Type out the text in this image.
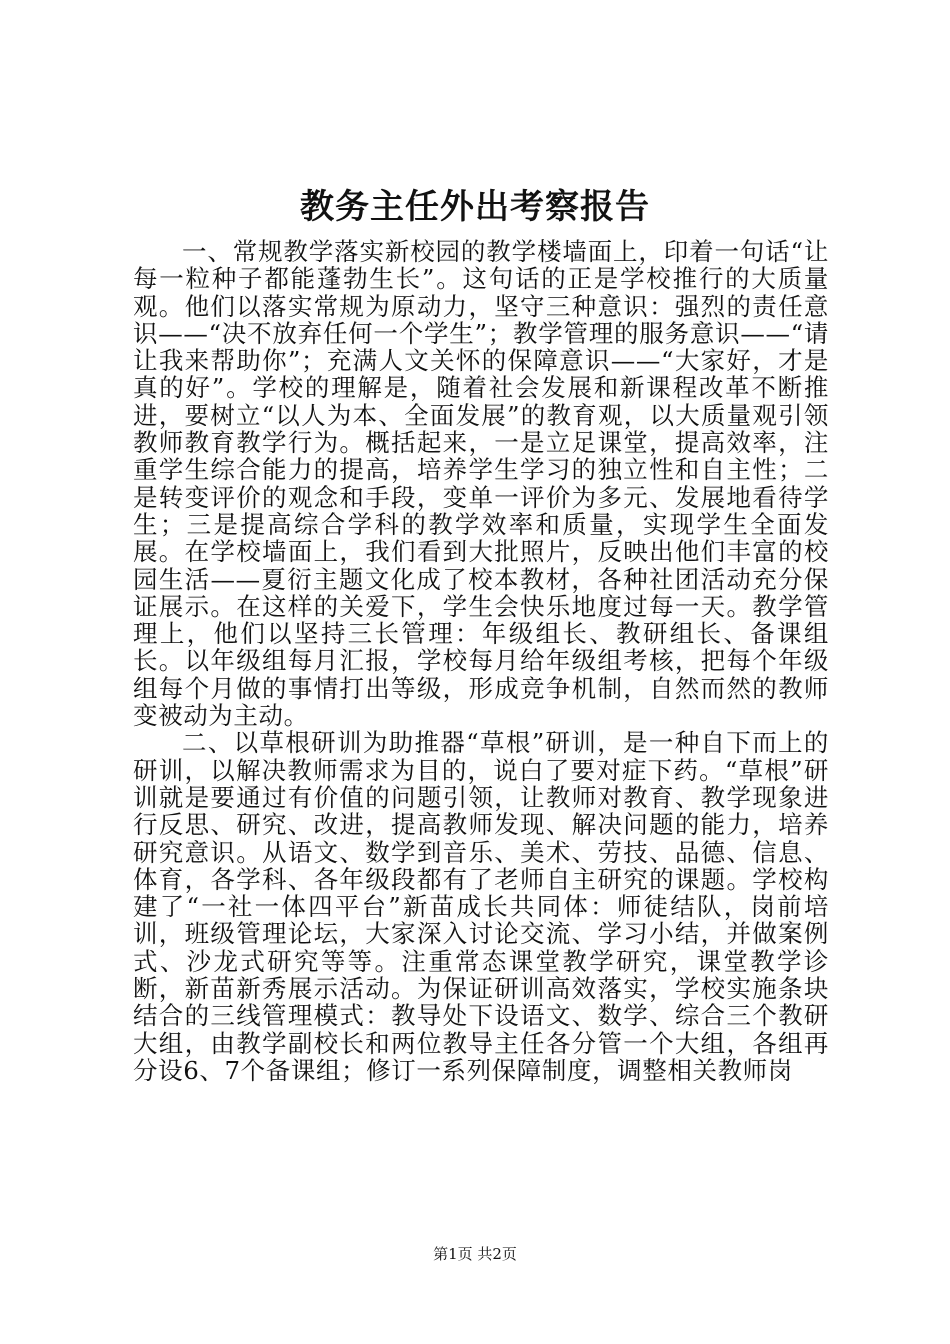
教务主任外出考察报告

一、常规教学落实新校园的教学楼墙面上，印着一句话“让每一粒种子都能蓬勃生长”。这句话的正是学校推行的大质量观。他们以落实常规为原动力，坚守三种意识：强烈的责任意识——“决不放弃任何一个学生”；教学管理的服务意识——“请让我来帮助你”；充满人文关怀的保障意识——“大家好，才是真的好”。学校的理解是，随着社会发展和新课程改革不断推进，要树立“以人为本、全面发展”的教育观，以大质量观引领教师教育教学行为。概括起来，一是立足课堂，提高效率，注重学生综合能力的提高，培养学生学习的独立性和自主性；二是转变评价的观念和手段，变单一评价为多元、发展地看待学生；三是提高综合学科的教学效率和质量，实现学生全面发展。在学校墙面上，我们看到大批照片，反映出他们丰富的校园生活——夏衍主题文化成了校本教材，各种社团活动充分保证展示。在这样的关爱下，学生会快乐地度过每一天。教学管理上，他们以坚持三长管理：年级组长、教研组长、备课组长。以年级组每月汇报，学校每月给年级组考核，把每个年级组每个月做的事情打出等级，形成竞争机制，自然而然的教师变被动为主动。

二、以草根研训为助推器“草根”研训，是一种自下而上的研训，以解决教师需求为目的，说白了要对症下药。“草根”研训就是要通过有价值的问题引领，让教师对教育、教学现象进行反思、研究、改进，提高教师发现、解决问题的能力，培养研究意识。从语文、数学到音乐、美术、劳技、品德、信息、体育，各学科、各年级段都有了老师自主研究的课题。学校构建了“一社一体四平台”新苗成长共同体：师徒结队，岗前培训，班级管理论坛，大家深入讨论交流、学习小结，并做案例式、沙龙式研究等等。注重常态课堂教学研究，课堂教学诊断，新苗新秀展示活动。为保证研训高效落实，学校实施条块结合的三线管理模式：教导处下设语文、数学、综合三个教研大组，由教学副校长和两位教导主任各分管一个大组，各组再分设6、7个备课组；修订一系列保障制度，调整相关教师岗

第1页 共2页
